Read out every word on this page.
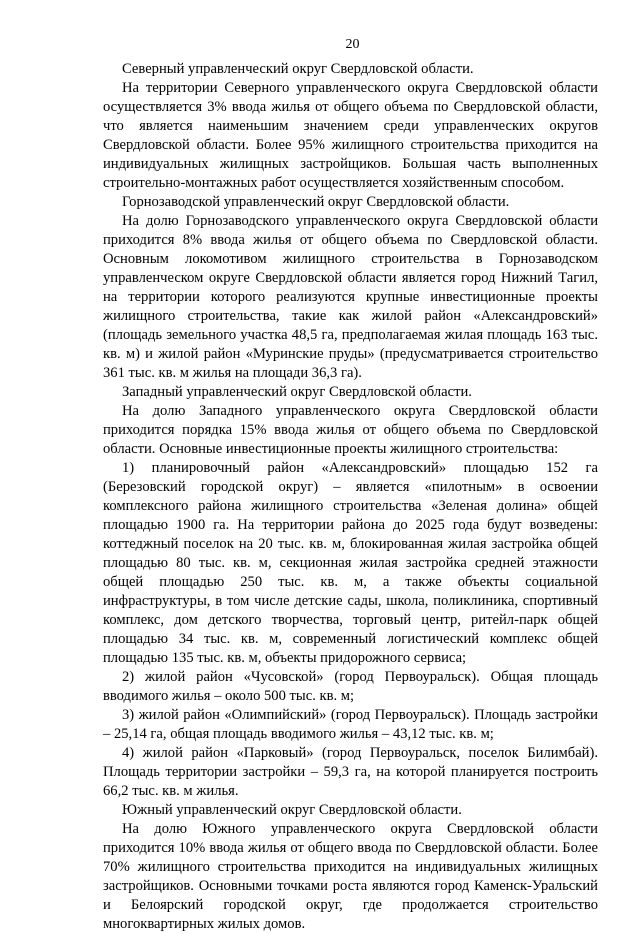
20

Северный управленческий округ Свердловской области.

На территории Северного управленческого округа Свердловской области осуществляется 3% ввода жилья от общего объема по Свердловской области, что является наименьшим значением среди управленческих округов Свердловской области. Более 95% жилищного строительства приходится на индивидуальных жилищных застройщиков. Большая часть выполненных строительно-монтажных работ осуществляется хозяйственным способом.

Горнозаводской управленческий округ Свердловской области.

На долю Горнозаводского управленческого округа Свердловской области приходится 8% ввода жилья от общего объема по Свердловской области. Основным локомотивом жилищного строительства в Горнозаводском управленческом округе Свердловской области является город Нижний Тагил, на территории которого реализуются крупные инвестиционные проекты жилищного строительства, такие как жилой район «Александровский» (площадь земельного участка 48,5 га, предполагаемая жилая площадь 163 тыс. кв. м) и жилой район «Муринские пруды» (предусматривается строительство 361 тыс. кв. м жилья на площади 36,3 га).

Западный управленческий округ Свердловской области.

На долю Западного управленческого округа Свердловской области приходится порядка 15% ввода жилья от общего объема по Свердловской области. Основные инвестиционные проекты жилищного строительства:

1) планировочный район «Александровский» площадью 152 га (Березовский городской округ) – является «пилотным» в освоении комплексного района жилищного строительства «Зеленая долина» общей площадью 1900 га. На территории района до 2025 года будут возведены: коттеджный поселок на 20 тыс. кв. м, блокированная жилая застройка общей площадью 80 тыс. кв. м, секционная жилая застройка средней этажности общей площадью 250 тыс. кв. м, а также объекты социальной инфраструктуры, в том числе детские сады, школа, поликлиника, спортивный комплекс, дом детского творчества, торговый центр, ритейл-парк общей площадью 34 тыс. кв. м, современный логистический комплекс общей площадью 135 тыс. кв. м, объекты придорожного сервиса;

2) жилой район «Чусовской» (город Первоуральск). Общая площадь вводимого жилья – около 500 тыс. кв. м;

3) жилой район «Олимпийский» (город Первоуральск). Площадь застройки – 25,14 га, общая площадь вводимого жилья – 43,12 тыс. кв. м;

4) жилой район «Парковый» (город Первоуральск, поселок Билимбай). Площадь территории застройки – 59,3 га, на которой планируется построить 66,2 тыс. кв. м жилья.

Южный управленческий округ Свердловской области.

На долю Южного управленческого округа Свердловской области приходится 10% ввода жилья от общего ввода по Свердловской области. Более 70% жилищного строительства приходится на индивидуальных жилищных застройщиков. Основными точками роста являются город Каменск-Уральский и Белоярский городской округ, где продолжается строительство многоквартирных жилых домов.
